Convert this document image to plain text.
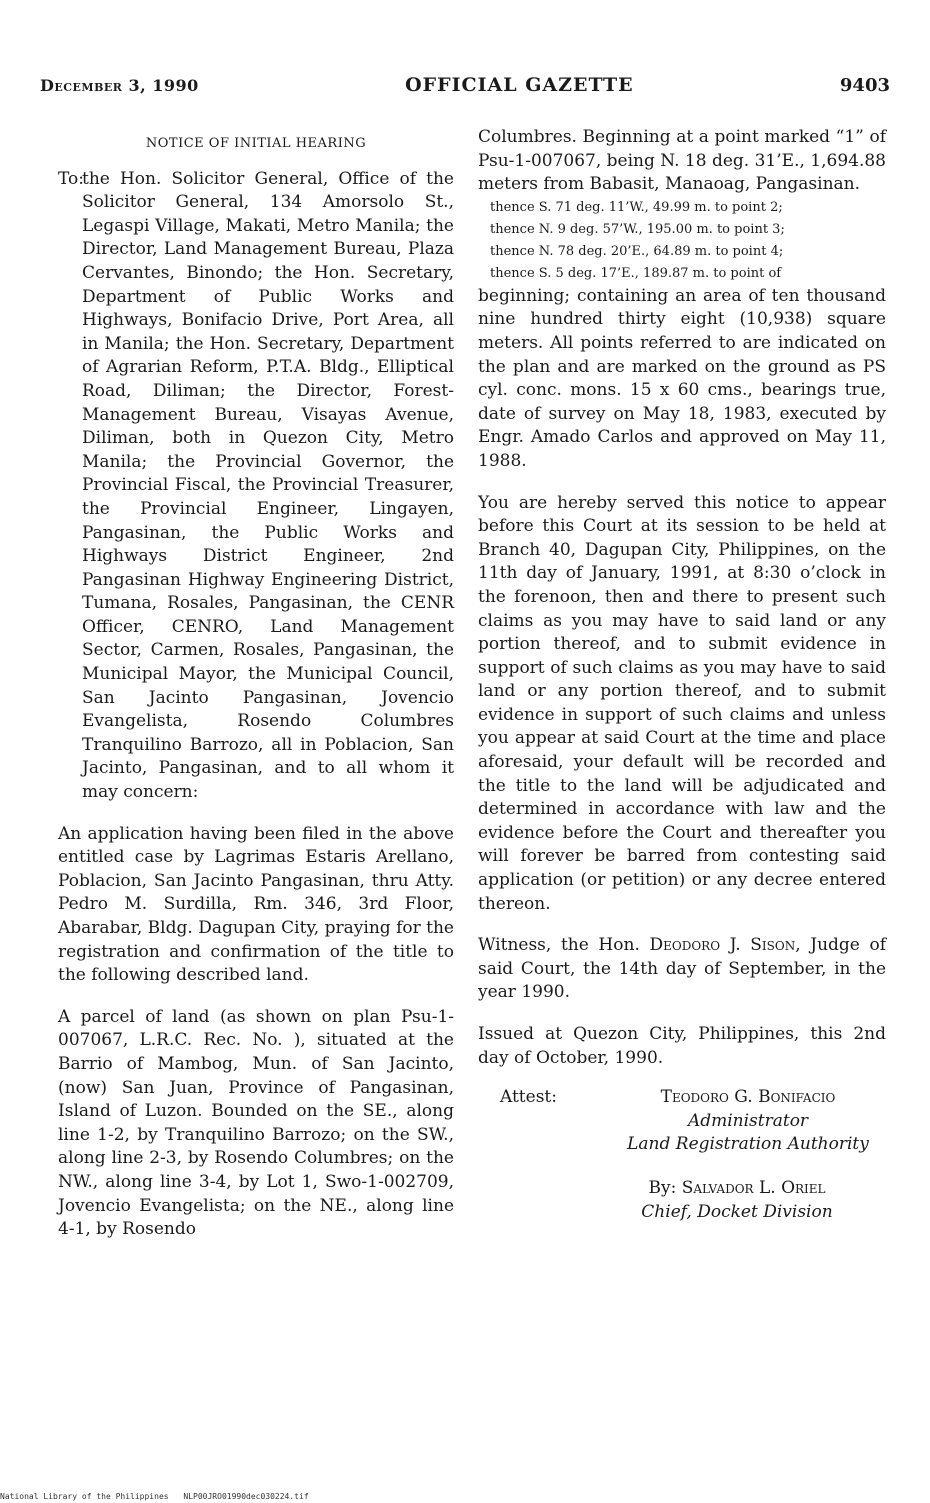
December 3, 1990	OFFICIAL GAZETTE	9403
NOTICE OF INITIAL HEARING
To:
the Hon. Solicitor General, Office of the Solicitor General, 134 Amorsolo St., Legaspi Village, Makati, Metro Manila; the Director, Land Management Bureau, Plaza Cervantes, Binondo; the Hon. Secretary, Department of Public Works and Highways, Bonifacio Drive, Port Area, all in Manila; the Hon. Secretary, Department of Agrarian Reform, P.T.A. Bldg., Elliptical Road, Diliman; the Director, Forest-Management Bureau, Visayas Avenue, Diliman, both in Quezon City, Metro Manila; the Provincial Governor, the Provincial Fiscal, the Provincial Treasurer, the Provincial Engineer, Lingayen, Pangasinan, the Public Works and Highways District Engineer, 2nd Pangasinan Highway Engineering District, Tumana, Rosales, Pangasinan, the CENR Officer, CENRO, Land Management Sector, Carmen, Rosales, Pangasinan, the Municipal Mayor, the Municipal Council, San Jacinto Pangasinan, Jovencio Evangelista, Rosendo Columbres Tranquilino Barrozo, all in Poblacion, San Jacinto, Pangasinan, and to all whom it may concern:

An application having been filed in the above entitled case by Lagrimas Estaris Arellano, Poblacion, San Jacinto Pangasinan, thru Atty. Pedro M. Surdilla, Rm. 346, 3rd Floor, Abarabar, Bldg. Dagupan City, praying for the registration and confirmation of the title to the following described land.

A parcel of land (as shown on plan Psu-1-007067, L.R.C. Rec. No. ), situated at the Barrio of Mambog, Mun. of San Jacinto, (now) San Juan, Province of Pangasinan, Island of Luzon. Bounded on the SE., along line 1-2, by Tranquilino Barrozo; on the SW., along line 2-3, by Rosendo Columbres; on the NW., along line 3-4, by Lot 1, Swo-1-002709, Jovencio Evangelista; on the NE., along line 4-1, by Rosendo

Columbres. Beginning at a point marked “1” of Psu-1-007067, being N. 18 deg. 31’E., 1,694.88 meters from Babasit, Manaoag, Pangasinan.

thence S. 71 deg. 11’W., 49.99 m. to point 2;
thence N. 9 deg. 57’W., 195.00 m. to point 3;
thence N. 78 deg. 20’E., 64.89 m. to point 4;
thence S. 5 deg. 17’E., 189.87 m. to point of

beginning; containing an area of ten thousand nine hundred thirty eight (10,938) square meters. All points referred to are indicated on the plan and are marked on the ground as PS cyl. conc. mons. 15 x 60 cms., bearings true, date of survey on May 18, 1983, executed by Engr. Amado Carlos and approved on May 11, 1988.

You are hereby served this notice to appear before this Court at its session to be held at Branch 40, Dagupan City, Philippines, on the 11th day of January, 1991, at 8:30 o’clock in the forenoon, then and there to present such claims as you may have to said land or any portion thereof, and to submit evidence in support of such claims as you may have to said land or any portion thereof, and to submit evidence in support of such claims and unless you appear at said Court at the time and place aforesaid, your default will be recorded and the title to the land will be adjudicated and determined in accordance with law and the evidence before the Court and thereafter you will forever be barred from contesting said application (or petition) or any decree entered thereon.

Witness, the Hon. Deodoro J. Sison, Judge of said Court, the 14th day of September, in the year 1990.

Issued at Quezon City, Philippines, this 2nd day of October, 1990.

Attest:	Teodoro G. Bonifacio
Administrator
Land Registration Authority
By: Salvador L. Oriel
Chief, Docket Division
National Library of the Philippines NLP00JRO01990dec030224.tif
